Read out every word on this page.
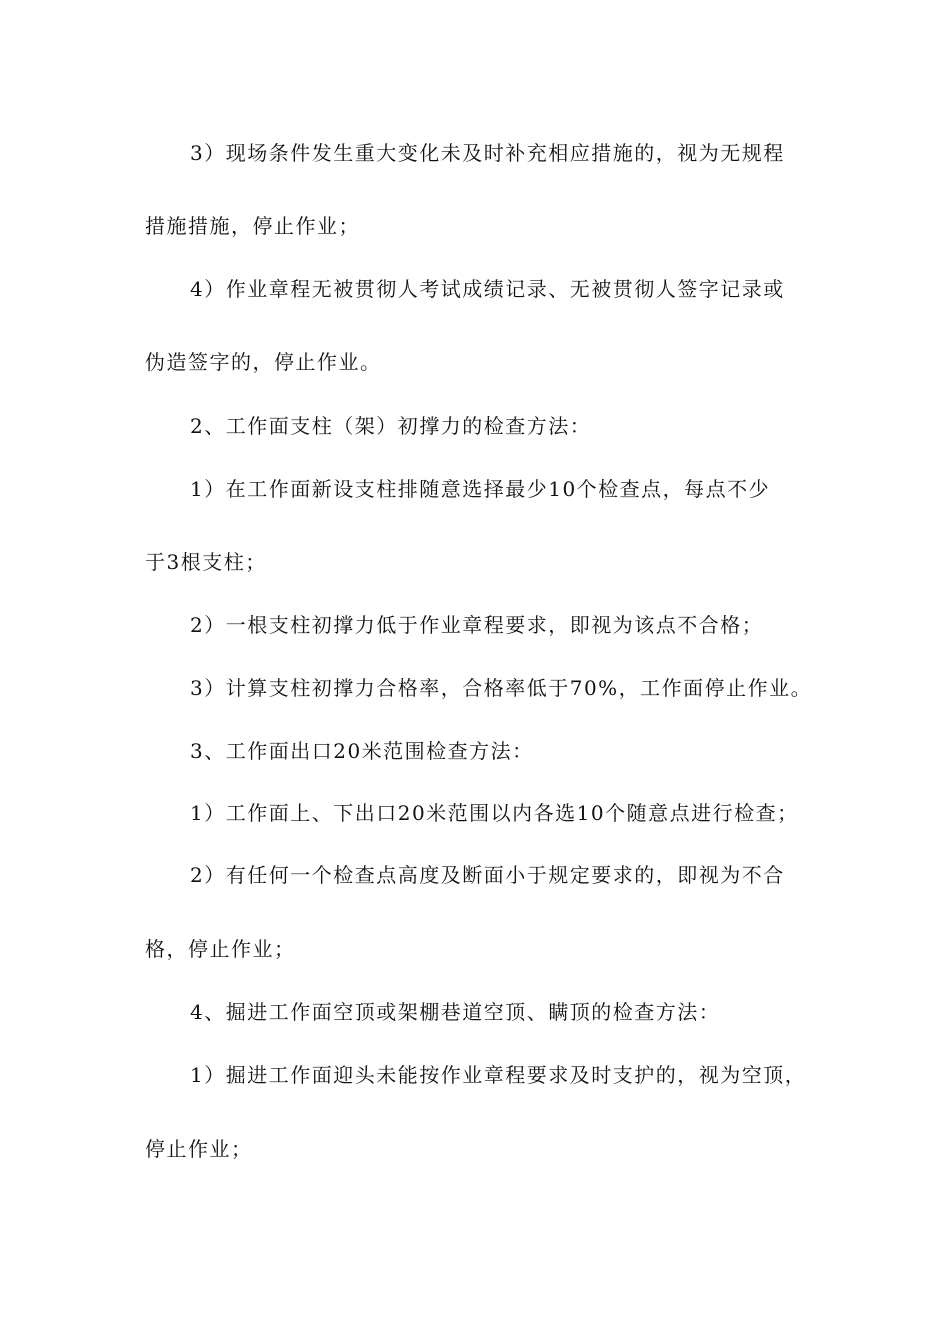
3）现场条件发生重大变化未及时补充相应措施的，视为无规程
措施措施，停止作业；
4）作业章程无被贯彻人考试成绩记录、无被贯彻人签字记录或
伪造签字的，停止作业。
2、工作面支柱（架）初撑力的检查方法：
1）在工作面新设支柱排随意选择最少10个检查点，每点不少
于3根支柱；
2）一根支柱初撑力低于作业章程要求，即视为该点不合格；
3）计算支柱初撑力合格率，合格率低于70%，工作面停止作业。
3、工作面出口20米范围检查方法：
1）工作面上、下出口20米范围以内各选10个随意点进行检查；
2）有任何一个检查点高度及断面小于规定要求的，即视为不合
格，停止作业；
4、掘进工作面空顶或架棚巷道空顶、瞒顶的检查方法：
1）掘进工作面迎头未能按作业章程要求及时支护的，视为空顶，
停止作业；
